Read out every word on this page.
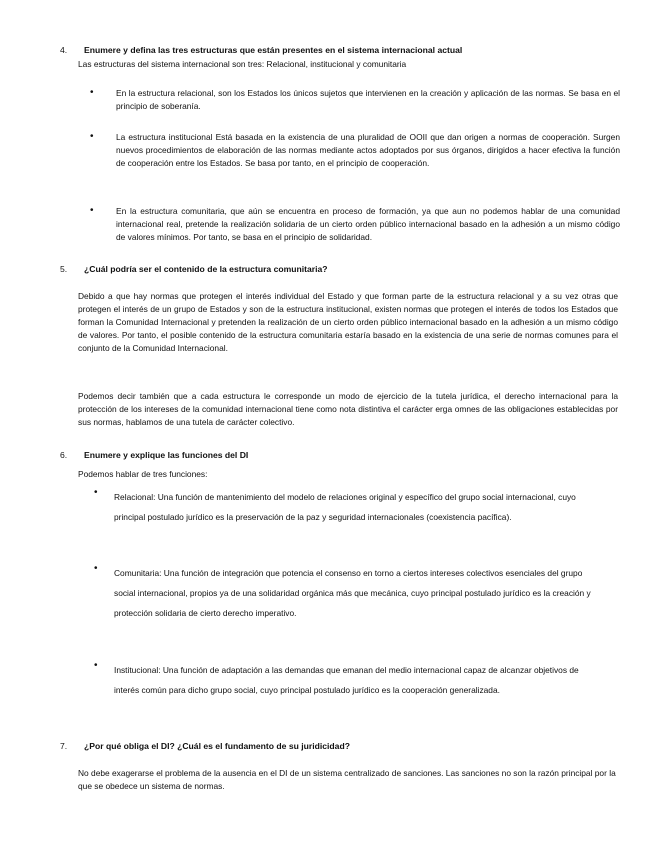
4.	Enumere y defina las tres estructuras que están presentes en el sistema internacional actual

Las estructuras del sistema internacional son tres: Relacional, institucional y comunitaria

•	En la estructura relacional, son los Estados los únicos sujetos que intervienen en la creación y aplicación de las normas. Se basa en el principio de soberanía.

•	La estructura institucional Está basada en la existencia de una pluralidad de OOII que dan origen a normas de cooperación. Surgen nuevos procedimientos de elaboración de las normas mediante actos adoptados por sus órganos, dirigidos a hacer efectiva la función de cooperación entre los Estados. Se basa por tanto, en el principio de cooperación.

•	En la estructura comunitaria, que aún se encuentra en proceso de formación, ya que aun no podemos hablar de una comunidad internacional real, pretende la realización solidaria de un cierto orden público internacional basado en la adhesión a un mismo código de valores mínimos. Por tanto, se basa en el principio de solidaridad.

5.	¿Cuál podría ser el contenido de la estructura comunitaria?

Debido a que hay normas que protegen el interés individual del Estado y que forman parte de la estructura relacional y a su vez otras que protegen el interés de un grupo de Estados y son de la estructura institucional, existen normas que protegen el interés de todos los Estados que forman la Comunidad Internacional y pretenden la realización de un cierto orden público internacional basado en la adhesión a un mismo código de valores. Por tanto, el posible contenido de la estructura comunitaria estaría basado en la existencia de una serie de normas comunes para el conjunto de la Comunidad Internacional.

Podemos decir también que a cada estructura le corresponde un modo de ejercicio de la tutela jurídica, el derecho internacional para la protección de los intereses de la comunidad internacional tiene como nota distintiva el carácter erga omnes de las obligaciones establecidas por sus normas, hablamos de una tutela de carácter colectivo.

6.	Enumere y explique las funciones del DI

Podemos hablar de tres funciones:

• Relacional: Una función de mantenimiento del modelo de relaciones original y específico del grupo social internacional, cuyo principal postulado jurídico es la preservación de la paz y seguridad internacionales (coexistencia pacífica).

• Comunitaria: Una función de integración que potencia el consenso en torno a ciertos intereses colectivos esenciales del grupo social internacional, propios ya de una solidaridad orgánica más que mecánica, cuyo principal postulado jurídico es la creación y protección solidaria de cierto derecho imperativo.

• Institucional: Una función de adaptación a las demandas que emanan del medio internacional capaz de alcanzar objetivos de interés común para dicho grupo social, cuyo principal postulado jurídico es la cooperación generalizada.

7.	¿Por qué obliga el DI? ¿Cuál es el fundamento de su juridicidad?

No debe exagerarse el problema de la ausencia en el DI de un sistema centralizado de sanciones. Las sanciones no son la razón principal por la que se obedece un sistema de normas.
